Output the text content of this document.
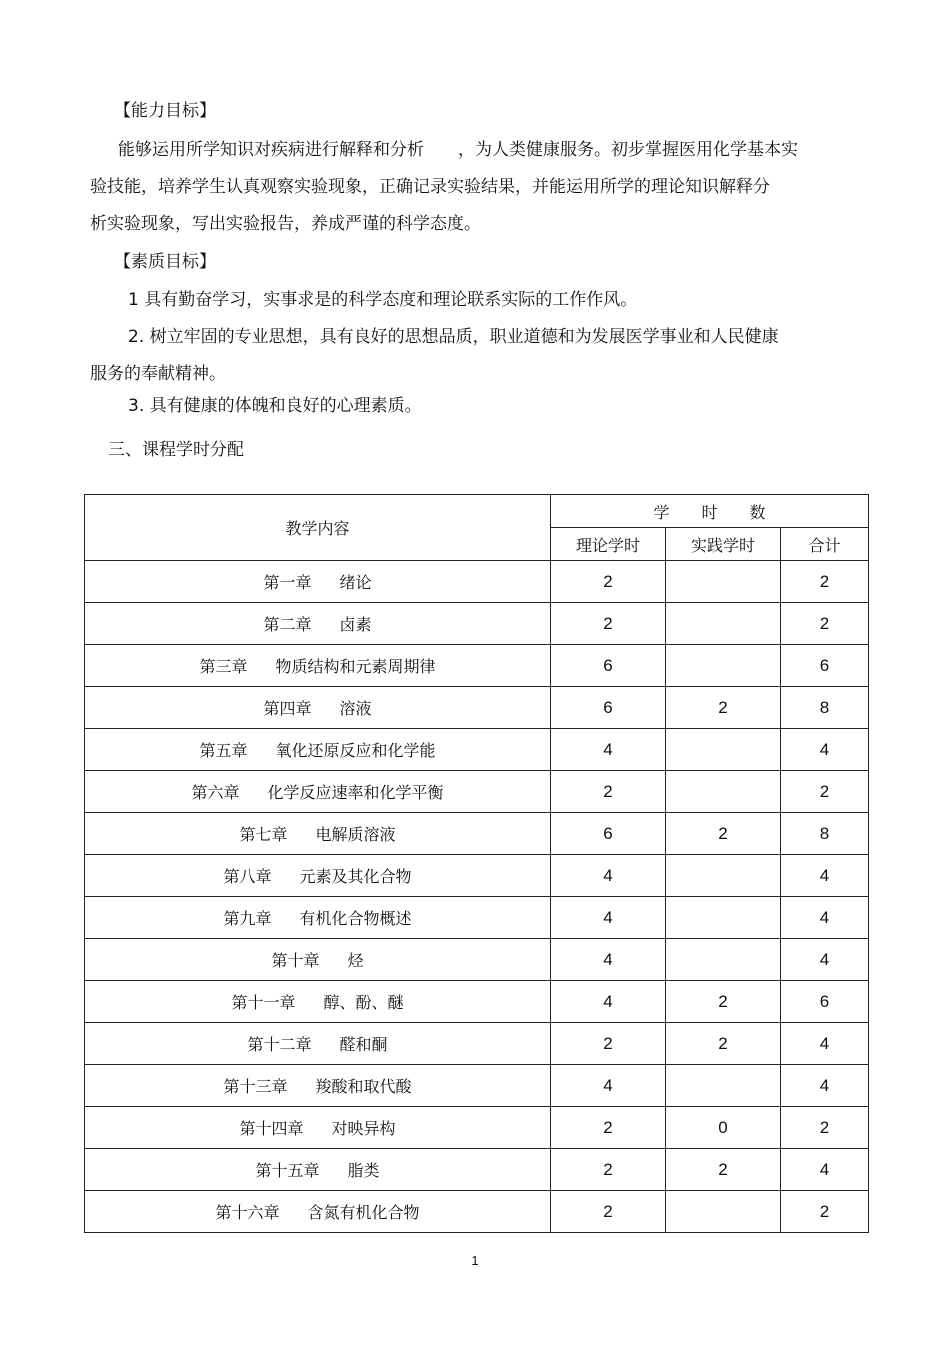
【能力目标】
能够运用所学知识对疾病进行解释和分析　　，为人类健康服务。初步掌握医用化学基本实
验技能，培养学生认真观察实验现象，正确记录实验结果，并能运用所学的理论知识解释分
析实验现象，写出实验报告，养成严谨的科学态度。
【素质目标】
1 具有勤奋学习，实事求是的科学态度和理论联系实际的工作作风。
2. 树立牢固的专业思想，具有良好的思想品质，职业道德和为发展医学事业和人民健康
服务的奉献精神。
3. 具有健康的体魄和良好的心理素质。
三、课程学时分配
教学内容	学　　时　　数		
	理论学时	实践学时	合计
第一章 绪论	2		2
第二章 卤素	2		2
第三章 物质结构和元素周期律	6		6
第四章 溶液	6	2	8
第五章 氧化还原反应和化学能	4		4
第六章 化学反应速率和化学平衡	2		2
第七章 电解质溶液	6	2	8
第八章 元素及其化合物	4		4
第九章 有机化合物概述	4		4
第十章 烃	4		4
第十一章 醇、酚、醚	4	2	6
第十二章 醛和酮	2	2	4
第十三章 羧酸和取代酸	4		4
第十四章 对映异构	2	0	2
第十五章 脂类	2	2	4
第十六章 含氮有机化合物	2		2
1
